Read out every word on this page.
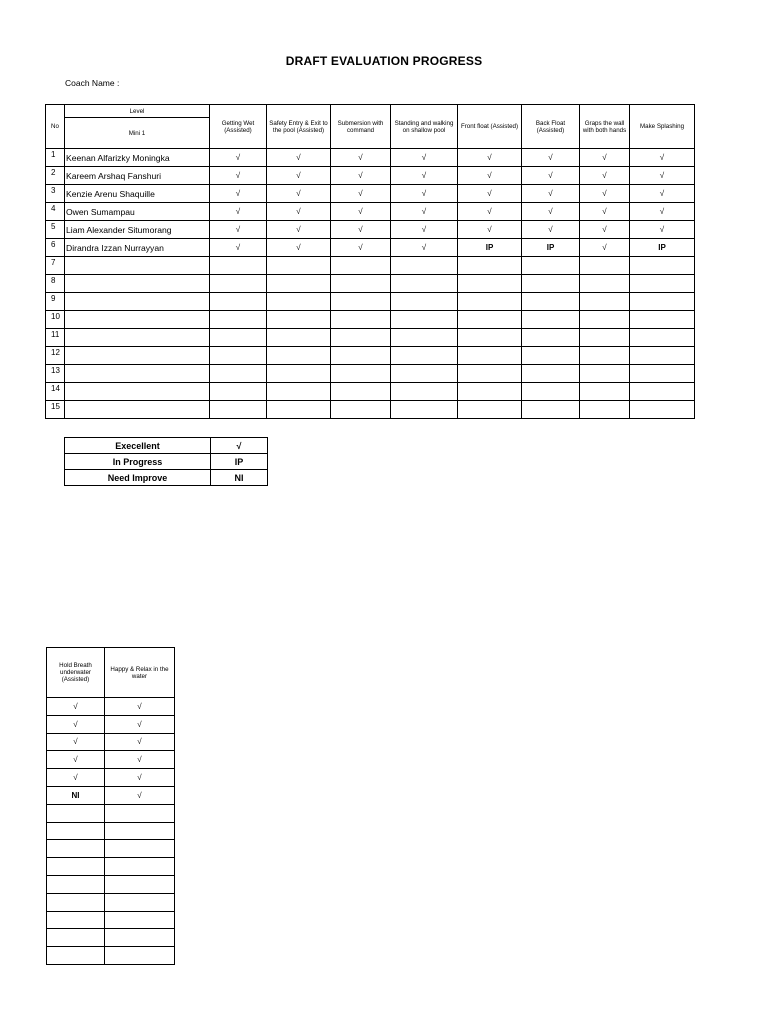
DRAFT EVALUATION PROGRESS
Coach Name :
No	Level	Getting Wet (Assisted)	Safety Entry & Exit to the pool (Assisted)	Submersion with command	Standing and walking on shallow pool	Front float (Assisted)	Back Float (Assisted)	Graps the wall with both hands	Make Splashing
	Mini 1								
1	Keenan Alfarizky Moningka	√	√	√	√	√	√	√	√
2	Kareem Arshaq Fanshuri	√	√	√	√	√	√	√	√
3	Kenzie Arenu Shaquille	√	√	√	√	√	√	√	√
4	Owen Sumampau	√	√	√	√	√	√	√	√
5	Liam Alexander Situmorang	√	√	√	√	√	√	√	√
6	Dirandra Izzan Nurrayyan	√	√	√	√	IP	IP	√	IP
7									
8									
9									
10									
11									
12									
13									
14									
15									
Execellent	√
In Progress	IP
Need Improve	NI
Hold Breath underwater (Assisted)	Happy & Relax in the water
√	√
√	√
√	√
√	√
√	√
NI	√
